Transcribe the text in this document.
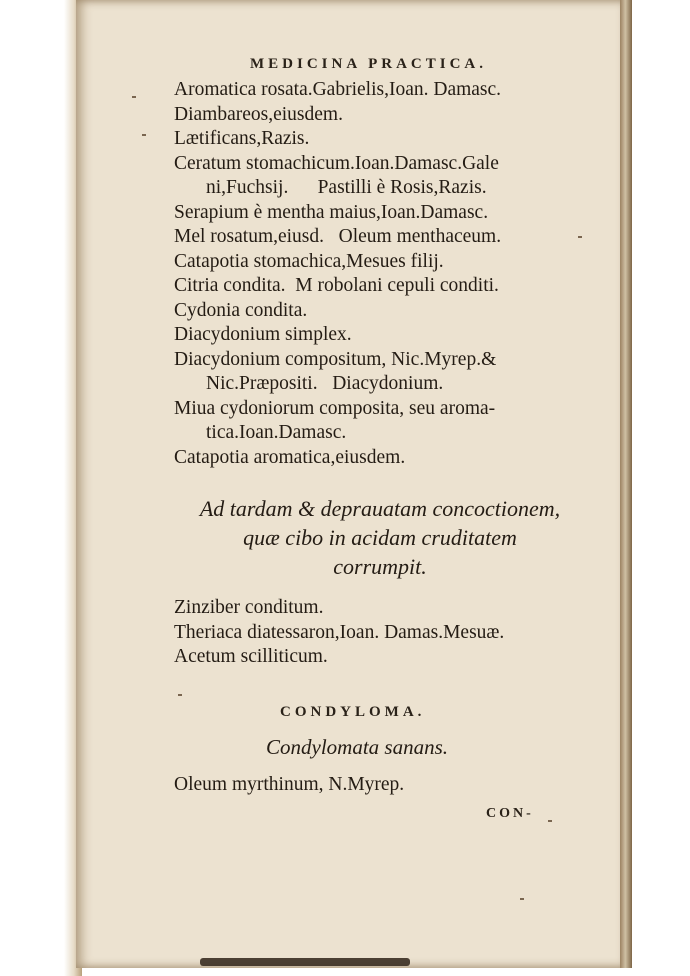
MEDICINA PRACTICA.

Aromatica rosata.Gabrielis,Ioan. Damasc.

Diambareos,eiusdem.

Lætificans,Razis.

Ceratum stomachicum.Ioan.Damasc.Gale

ni,Fuchsij.      Pastilli è Rosis,Razis.

Serapium è mentha maius,Ioan.Damasc.

Mel rosatum,eiusd.   Oleum menthaceum.

Catapotia stomachica,Mesues filij.

Citria condita.  M robolani cepuli conditi.

Cydonia condita.

Diacydonium simplex.

Diacydonium compositum, Nic.Myrep.&

Nic.Præpositi.   Diacydonium.

Miua cydoniorum composita, seu aroma-

tica.Ioan.Damasc.

Catapotia aromatica,eiusdem.

Ad tardam & deprauatam concoctionem,
quæ cibo in acidam cruditatem
corrumpit.

Zinziber conditum.

Theriaca diatessaron,Ioan. Damas.Mesuæ.

Acetum scilliticum.

CONDYLOMA.
Condylomata sanans.
Oleum myrthinum, N.Myrep.
CON-
